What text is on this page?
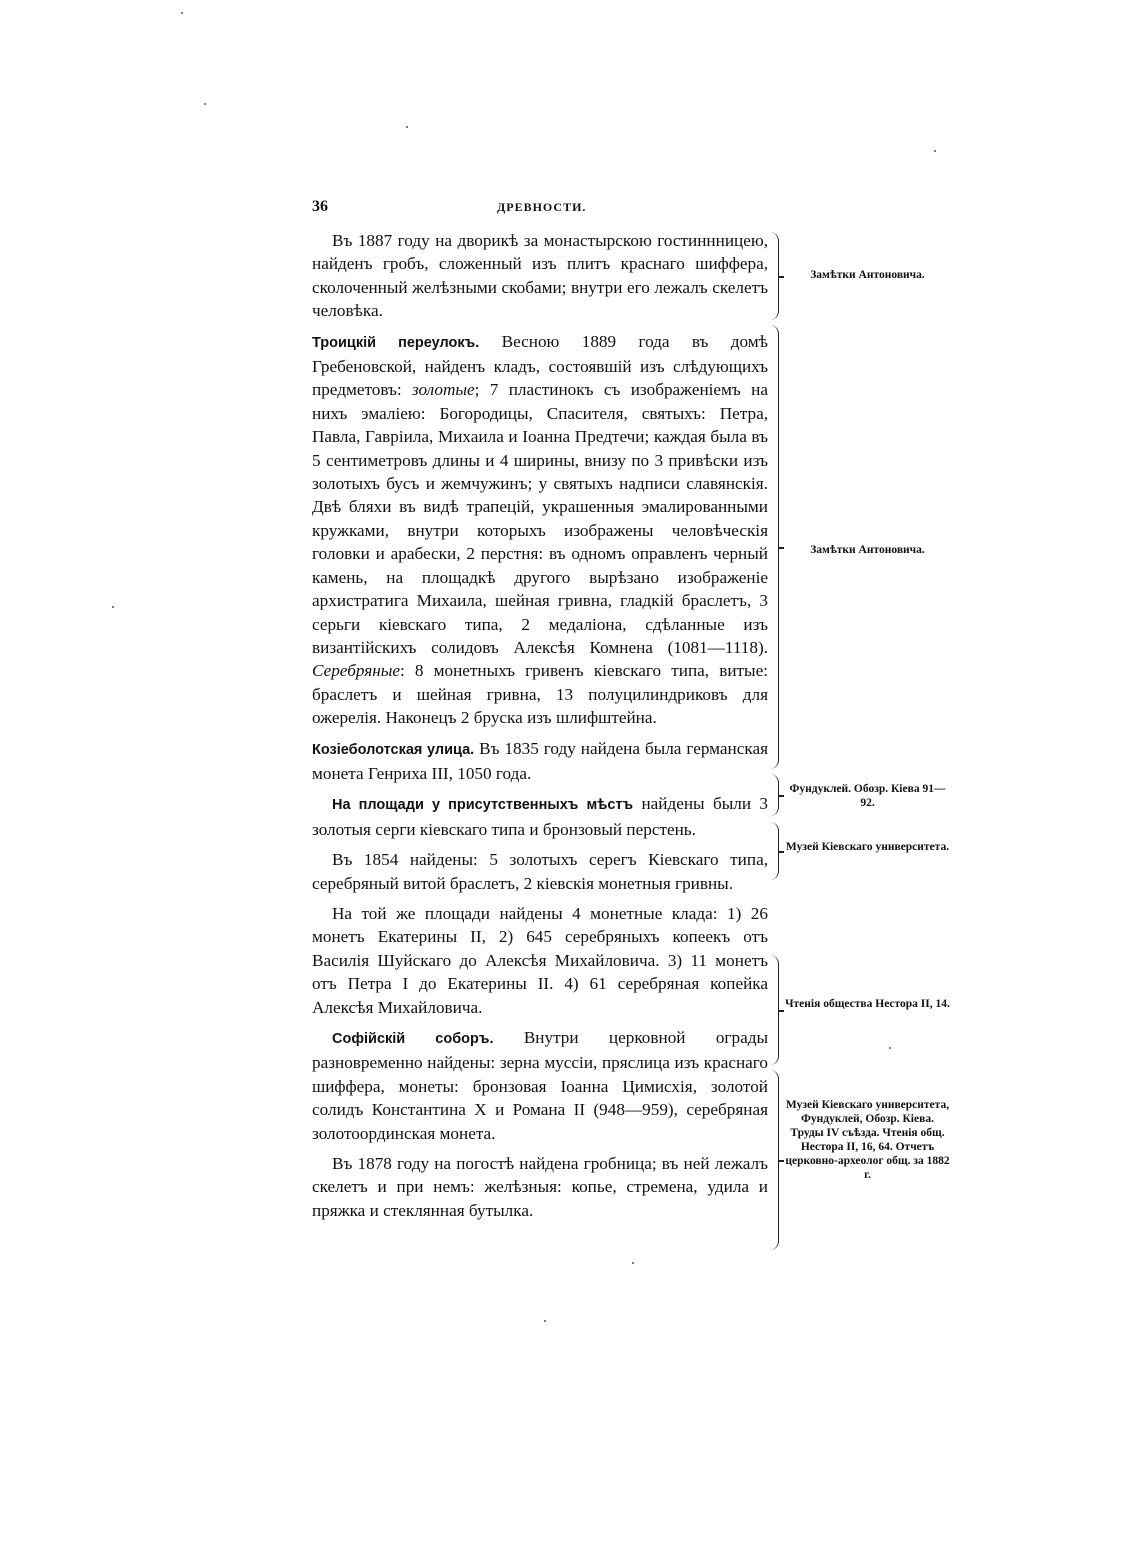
36	ДРЕВНОСТИ.

Въ 1887 году на дворикѣ за монастырскою гостиннницею, найденъ гробъ, сложенный изъ плитъ краснаго шиффера, сколоченный желѣзными скобами; внутри его лежалъ скелетъ человѣка.

Троицкій переулокъ. Весною 1889 года въ домѣ Гребеновской, найденъ кладъ, состоявшій изъ слѣдующихъ предметовъ: золотые; 7 пластинокъ съ изображеніемъ на нихъ эмалiею: Богородицы, Спасителя, святыхъ: Петра, Павла, Гавріила, Михаила и Іоанна Предтечи; каждая была въ 5 сентиметровъ длины и 4 ширины, внизу по 3 привѣски изъ золотыхъ бусъ и жемчужинъ; у святыхъ надписи славянскія. Двѣ бляхи въ видѣ трапецій, украшенныя эмалированными кружками, внутри которыхъ изображены человѣческія головки и арабески, 2 перстня: въ одномъ оправленъ черный камень, на площадкѣ другого вырѣзано изображеніе архистратига Михаила, шейная гривна, гладкій браслетъ, 3 серьги кіевскаго типа, 2 медаліона, сдѣланные изъ византійскихъ солидовъ Алексѣя Комнена (1081—1118). Серебряные: 8 монетныхъ гривенъ кіевскаго типа, витые: браслетъ и шейная гривна, 13 полуцилиндриковъ для ожерелія. Наконецъ 2 бруска изъ шлифштейна.

Козіеболотская улица. Въ 1835 году найдена была германская монета Генриха III, 1050 года.

На площади у присутственныхъ мѣстъ найдены были 3 золотыя серги кіевскаго типа и бронзовый перстень.

Въ 1854 найдены: 5 золотыхъ серегъ Кіевскаго типа, серебряный витой браслетъ, 2 кіевскія монетныя гривны.

На той же площади найдены 4 монетные клада: 1) 26 монетъ Екатерины II, 2) 645 серебряныхъ копеекъ отъ Василія Шуйскаго до Алексѣя Михайловича. 3) 11 монетъ отъ Петра I до Екатерины II. 4) 61 серебряная копейка Алексѣя Михайловича.

Софійскій соборъ. Внутри церковной ограды разновременно найдены: зерна муссіи, пряслица изъ краснаго шиффера, монеты: бронзовая Іоанна Цимисхія, золотой солидъ Константина X и Романа II (948—959), серебряная золотоординская монета.

Въ 1878 году на погостѣ найдена гробница; въ ней лежалъ скелетъ и при немъ: желѣзныя: копье, стремена, удила и пряжка и стеклянная бутылка.

Замѣтки Антоновича.
Замѣтки Антоновича.
Фундуклей. Обозр. Кіева 91—92.
Музей Кіевскаго университета.
Чтенія общества Нестора II, 14.
Музей Кіевскаго университета, Фундуклей, Обозр. Кіева. Труды IV съѣзда. Чтенія общ. Нестора II, 16, 64. Отчетъ церковно-археолог общ. за 1882 г.
